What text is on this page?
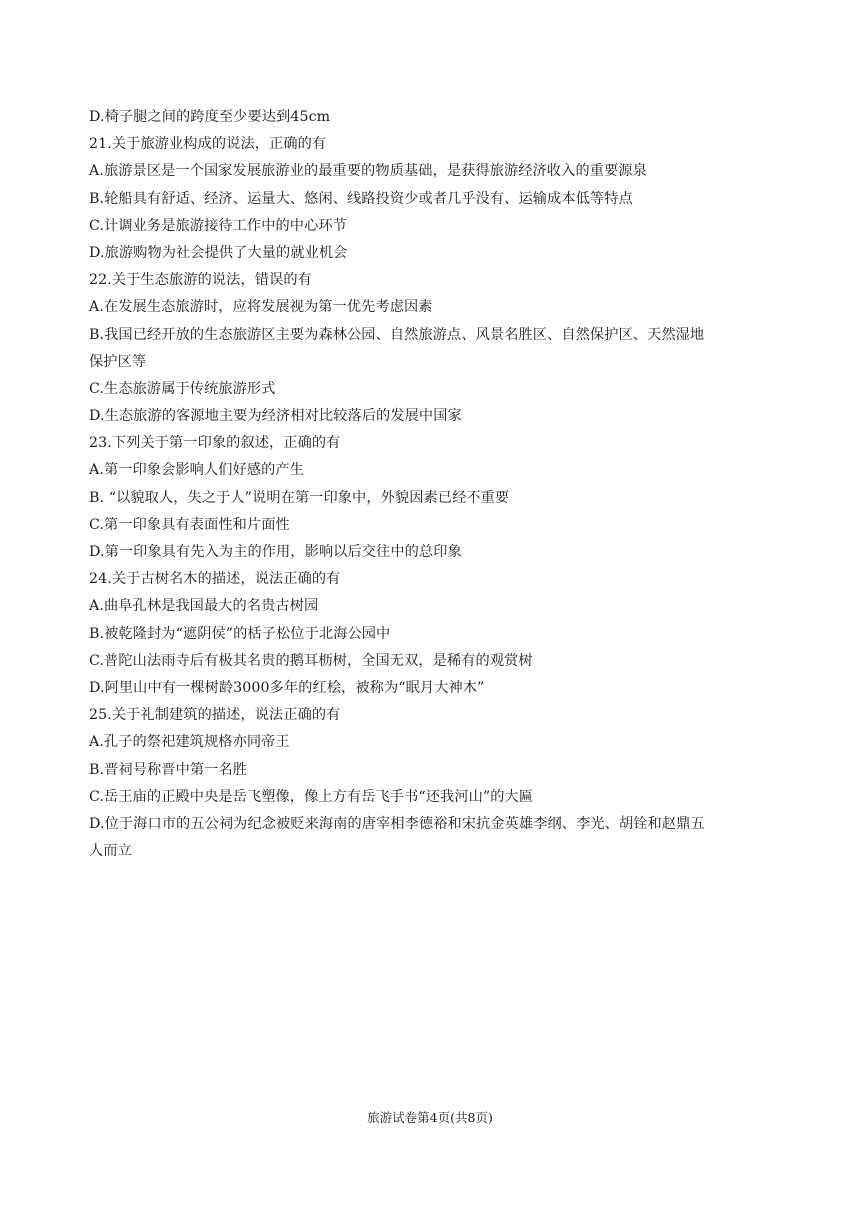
D.椅子腿之间的跨度至少要达到45cm
21.关于旅游业构成的说法，正确的有
A.旅游景区是一个国家发展旅游业的最重要的物质基础，是获得旅游经济收入的重要源泉
B.轮船具有舒适、经济、运量大、悠闲、线路投资少或者几乎没有、运输成本低等特点
C.计调业务是旅游接待工作中的中心环节
D.旅游购物为社会提供了大量的就业机会
22.关于生态旅游的说法，错误的有
A.在发展生态旅游时，应将发展视为第一优先考虑因素
B.我国已经开放的生态旅游区主要为森林公园、自然旅游点、风景名胜区、自然保护区、天然湿地
保护区等
C.生态旅游属于传统旅游形式
D.生态旅游的客源地主要为经济相对比较落后的发展中国家
23.下列关于第一印象的叙述，正确的有
A.第一印象会影响人们好感的产生
B. “以貌取人，失之于人”说明在第一印象中，外貌因素已经不重要
C.第一印象具有表面性和片面性
D.第一印象具有先入为主的作用，影响以后交往中的总印象
24.关于古树名木的描述，说法正确的有
A.曲阜孔林是我国最大的名贵古树园
B.被乾隆封为“遮阴侯”的栝子松位于北海公园中
C.普陀山法雨寺后有极其名贵的鹅耳枥树，全国无双，是稀有的观赏树
D.阿里山中有一棵树龄3000多年的红桧，被称为“眠月大神木”
25.关于礼制建筑的描述，说法正确的有
A.孔子的祭祀建筑规格亦同帝王
B.晋祠号称晋中第一名胜
C.岳王庙的正殿中央是岳飞塑像，像上方有岳飞手书“还我河山”的大匾
D.位于海口市的五公祠为纪念被贬来海南的唐宰相李德裕和宋抗金英雄李纲、李光、胡铨和赵鼎五
人而立
旅游试卷第4页(共8页)
